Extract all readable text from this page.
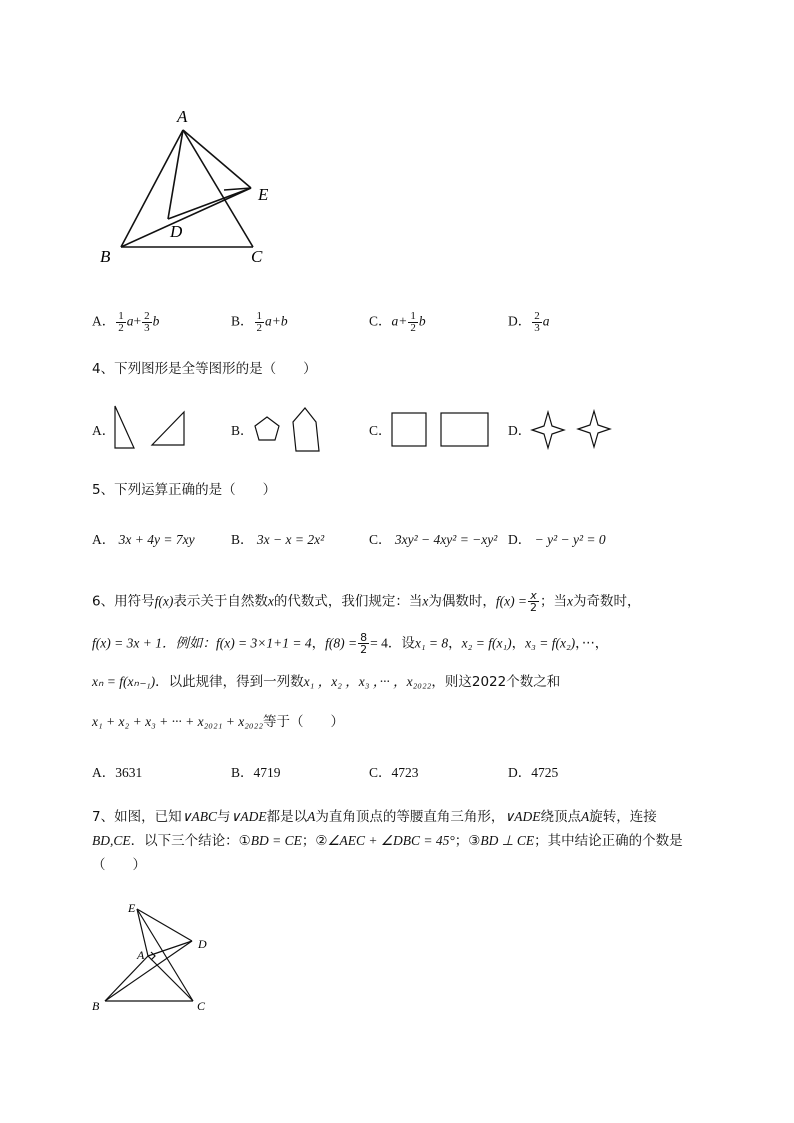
A
E
D
B	C
A． $\frac{1}{2} a+ \frac{2}{3}$ b	B． $\frac{1}{2} a+b$	C．$a+ \frac{1}{2}$ b	D． $\frac{2}{3}$ a
4、下列图形是全等图形的是（　　）
A．	B．	C．	D．
5、下列运算正确的是（　　）
A． 3x + 4y = 7xy	B． 3x − x = 2x²	C． 3xy² − 4xy² = −xy² D． − y² − y² = 0
6、用符号f(x)表示关于自然数x的代数式，我们规定：当x为偶数时，$f(x) = \frac{x}{2}$ ；当x为奇数时，
f(x) = 3x + 1．例如：f(x) = 3×1+1 = 4，$f(8) = \frac{8}{2} = 4$．设x₁ = 8，x₂ = f(x₁)，x₃ = f(x₂)，···，
xₙ = f(xₙ₋₁)．以此规律，得到一列数x₁ ，x₂ ，x₃ ，··· ，x₂₀₂₂，则这2022个数之和
x₁ + x₂ + x₃ + ··· + x₂₀₂₁ + x₂₀₂₂等于（　　）
A．3631	B．4719	C．4723	D．4725
7、如图，已知∨ABC与∨ADE都是以A为直角顶点的等腰直角三角形，∨ADE绕顶点A旋转，连接
BD,CE．以下三个结论：①BD = CE；②∠AEC + ∠DBC = 45°；③BD ⊥ CE；其中结论正确的个数是
（　　）
E
D
A
B	C
